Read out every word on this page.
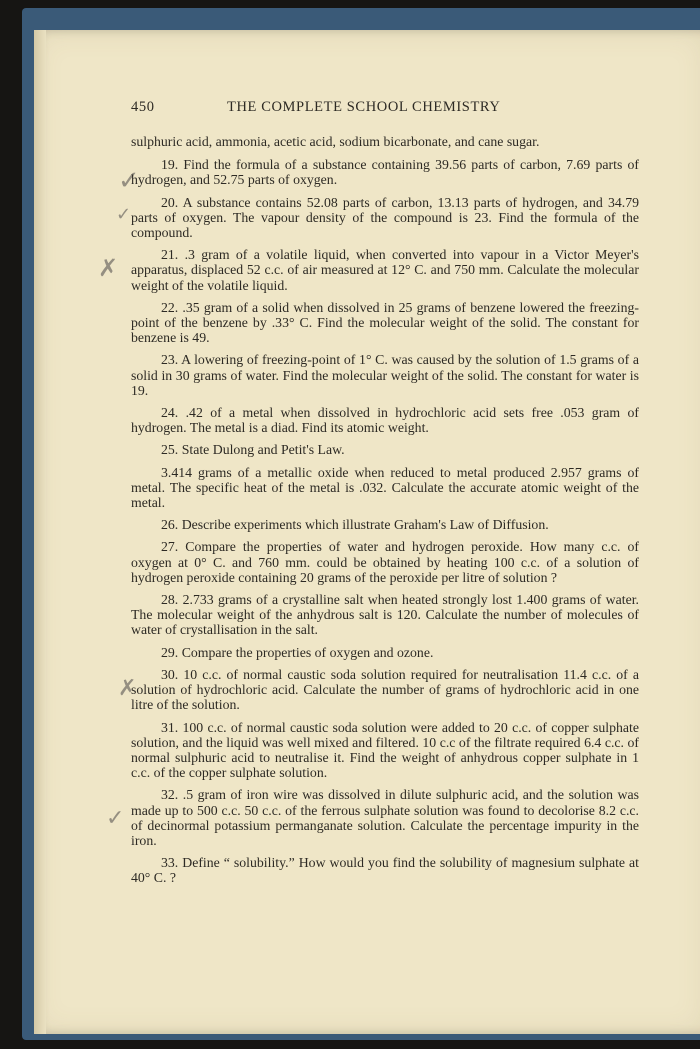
✓
✓
✗
✗
✓
450	THE COMPLETE SCHOOL CHEMISTRY

sulphuric acid, ammonia, acetic acid, sodium bicarbonate, and cane sugar.

19. Find the formula of a substance containing 39.56 parts of carbon, 7.69 parts of hydrogen, and 52.75 parts of oxygen.

20. A substance contains 52.08 parts of carbon, 13.13 parts of hydrogen, and 34.79 parts of oxygen. The vapour density of the compound is 23. Find the formula of the compound.

21. .3 gram of a volatile liquid, when converted into vapour in a Victor Meyer's apparatus, displaced 52 c.c. of air measured at 12° C. and 750 mm. Calculate the molecular weight of the volatile liquid.

22. .35 gram of a solid when dissolved in 25 grams of benzene lowered the freezing-point of the benzene by .33° C. Find the molecular weight of the solid. The constant for benzene is 49.

23. A lowering of freezing-point of 1° C. was caused by the solution of 1.5 grams of a solid in 30 grams of water. Find the molecular weight of the solid. The constant for water is 19.

24. .42 of a metal when dissolved in hydrochloric acid sets free .053 gram of hydrogen. The metal is a diad. Find its atomic weight.

25. State Dulong and Petit's Law.

3.414 grams of a metallic oxide when reduced to metal produced 2.957 grams of metal. The specific heat of the metal is .032. Calculate the accurate atomic weight of the metal.

26. Describe experiments which illustrate Graham's Law of Diffusion.

27. Compare the properties of water and hydrogen peroxide. How many c.c. of oxygen at 0° C. and 760 mm. could be obtained by heating 100 c.c. of a solution of hydrogen peroxide containing 20 grams of the peroxide per litre of solution ?

28. 2.733 grams of a crystalline salt when heated strongly lost 1.400 grams of water. The molecular weight of the anhydrous salt is 120. Calculate the number of molecules of water of crystallisation in the salt.

29. Compare the properties of oxygen and ozone.

30. 10 c.c. of normal caustic soda solution required for neutralisation 11.4 c.c. of a solution of hydrochloric acid. Calculate the number of grams of hydrochloric acid in one litre of the solution.

31. 100 c.c. of normal caustic soda solution were added to 20 c.c. of copper sulphate solution, and the liquid was well mixed and filtered. 10 c.c of the filtrate required 6.4 c.c. of normal sulphuric acid to neutralise it. Find the weight of anhydrous copper sulphate in 1 c.c. of the copper sulphate solution.

32. .5 gram of iron wire was dissolved in dilute sulphuric acid, and the solution was made up to 500 c.c. 50 c.c. of the ferrous sulphate solution was found to decolorise 8.2 c.c. of decinormal potassium permanganate solution. Calculate the percentage impurity in the iron.

33. Define “ solubility.” How would you find the solubility of magnesium sulphate at 40° C. ?
